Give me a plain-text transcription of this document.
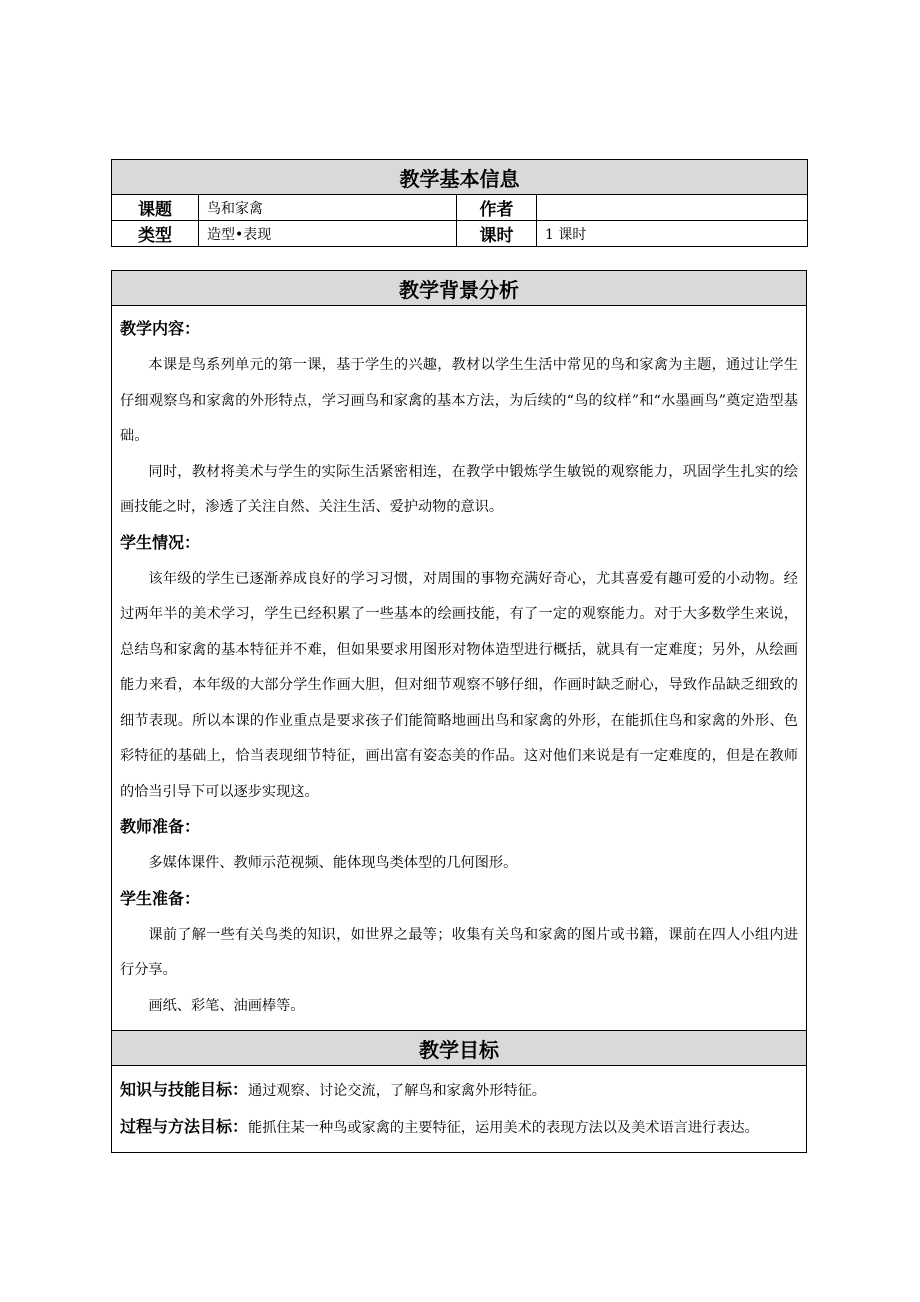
教学基本信息			
课题	鸟和家禽	作者	
类型	造型•表现	课时	1 课时
教学背景分析

教学内容：

本课是鸟系列单元的第一课，基于学生的兴趣，教材以学生生活中常见的鸟和家禽为主题，通过让学生仔细观察鸟和家禽的外形特点，学习画鸟和家禽的基本方法，为后续的“鸟的纹样”和“水墨画鸟”奠定造型基础。

同时，教材将美术与学生的实际生活紧密相连，在教学中锻炼学生敏锐的观察能力，巩固学生扎实的绘画技能之时，渗透了关注自然、关注生活、爱护动物的意识。

学生情况：

该年级的学生已逐渐养成良好的学习习惯，对周围的事物充满好奇心，尤其喜爱有趣可爱的小动物。经过两年半的美术学习，学生已经积累了一些基本的绘画技能，有了一定的观察能力。对于大多数学生来说，总结鸟和家禽的基本特征并不难，但如果要求用图形对物体造型进行概括，就具有一定难度；另外，从绘画能力来看，本年级的大部分学生作画大胆，但对细节观察不够仔细，作画时缺乏耐心，导致作品缺乏细致的细节表现。所以本课的作业重点是要求孩子们能简略地画出鸟和家禽的外形，在能抓住鸟和家禽的外形、色彩特征的基础上，恰当表现细节特征，画出富有姿态美的作品。这对他们来说是有一定难度的，但是在教师的恰当引导下可以逐步实现这。

教师准备：

多媒体课件、教师示范视频、能体现鸟类体型的几何图形。

学生准备：

课前了解一些有关鸟类的知识，如世界之最等；收集有关鸟和家禽的图片或书籍，课前在四人小组内进行分享。

画纸、彩笔、油画棒等。

教学目标

知识与技能目标：通过观察、讨论交流，了解鸟和家禽外形特征。

过程与方法目标：能抓住某一种鸟或家禽的主要特征，运用美术的表现方法以及美术语言进行表达。
